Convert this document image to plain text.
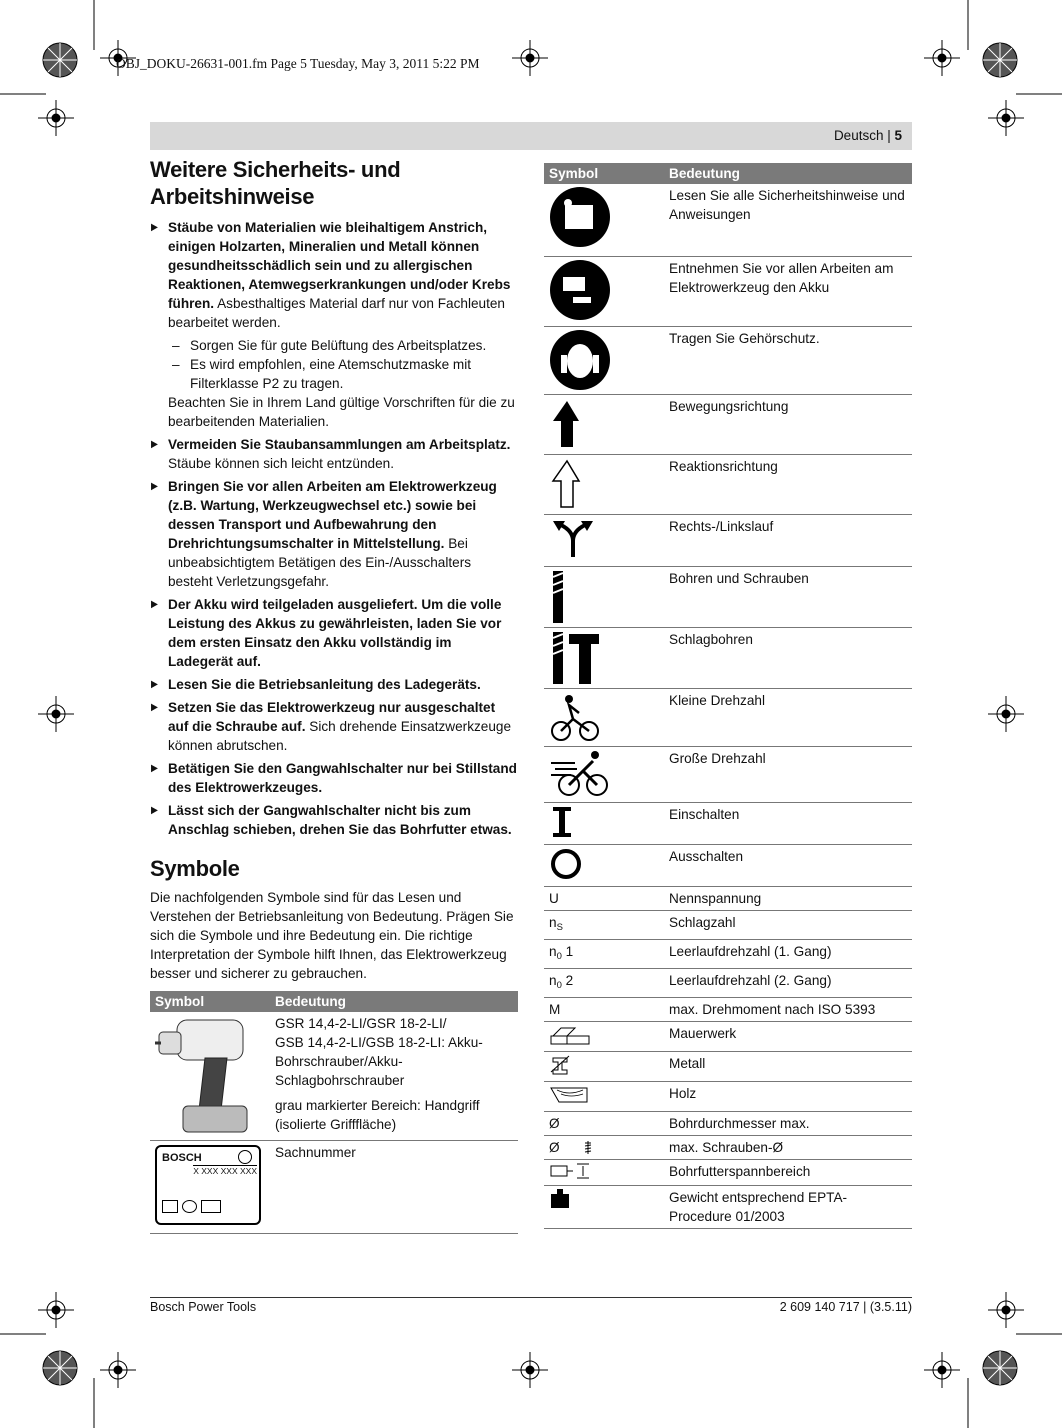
OBJ_DOKU-26631-001.fm Page 5 Tuesday, May 3, 2011 5:22 PM
Deutsch | 5
Weitere Sicherheits- und
Arbeitshinweise
▶ Stäube von Materialien wie bleihaltigem Anstrich, einigen Holzarten, Mineralien und Metall können gesundheitsschädlich sein und zu allergischen Reaktionen, Atemwegserkrankungen und/oder Krebs führen. Asbesthaltiges Material darf nur von Fachleuten bearbeitet werden.
– Sorgen Sie für gute Belüftung des Arbeitsplatzes.
– Es wird empfohlen, eine Atemschutzmaske mit Filterklasse P2 zu tragen.
Beachten Sie in Ihrem Land gültige Vorschriften für die zu bearbeitenden Materialien.
▶ Vermeiden Sie Staubansammlungen am Arbeitsplatz. Stäube können sich leicht entzünden.
▶ Bringen Sie vor allen Arbeiten am Elektrowerkzeug (z.B. Wartung, Werkzeugwechsel etc.) sowie bei dessen Transport und Aufbewahrung den Drehrichtungsumschalter in Mittelstellung. Bei unbeabsichtigtem Betätigen des Ein-/Ausschalters besteht Verletzungsgefahr.
▶ Der Akku wird teilgeladen ausgeliefert. Um die volle Leistung des Akkus zu gewährleisten, laden Sie vor dem ersten Einsatz den Akku vollständig im Ladegerät auf.
▶ Lesen Sie die Betriebsanleitung des Ladegeräts.
▶ Setzen Sie das Elektrowerkzeug nur ausgeschaltet auf die Schraube auf. Sich drehende Einsatzwerkzeuge können abrutschen.
▶ Betätigen Sie den Gangwahlschalter nur bei Stillstand des Elektrowerkzeuges.
▶ Lässt sich der Gangwahlschalter nicht bis zum Anschlag schieben, drehen Sie das Bohrfutter etwas.
Symbole
Die nachfolgenden Symbole sind für das Lesen und Verstehen der Betriebsanleitung von Bedeutung. Prägen Sie sich die Symbole und ihre Bedeutung ein. Die richtige Interpretation der Symbole hilft Ihnen, das Elektrowerkzeug besser und sicherer zu gebrauchen.
Symbol	Bedeutung

GSR 14,4-2-LI/GSR 18-2-LI/
GSB 14,4-2-LI/GSB 18-2-LI: Akku-Bohrschrauber/Akku-Schlagbohrschrauber
grau markierter Bereich: Handgriff (isolierte Grifffläche)

BOSCH
X XXX XXX XXX	Sachnummer
Symbol	Bedeutung

	Lesen Sie alle Sicherheitshinweise und Anweisungen

	Entnehmen Sie vor allen Arbeiten am Elektrowerkzeug den Akku

	Tragen Sie Gehörschutz.

	Bewegungsrichtung

	Reaktionsrichtung

	Rechts-/Linkslauf

	Bohren und Schrauben

	Schlagbohren

	Kleine Drehzahl

	Große Drehzahl

	Einschalten

	Ausschalten
U	Nennspannung
$n_S$	Schlagzahl
$n_0$ 1	Leerlaufdrehzahl (1. Gang)
$n_0$ 2	Leerlaufdrehzahl (2. Gang)
M	max. Drehmoment nach ISO 5393

	Mauerwerk

	Metall

	Holz
Ø	Bohrdurchmesser max.
Ø	max. Schrauben-Ø

	Bohrfutterspannbereich

	Gewicht entsprechend EPTA-Procedure 01/2003
Bosch Power Tools	2 609 140 717 | (3.5.11)
